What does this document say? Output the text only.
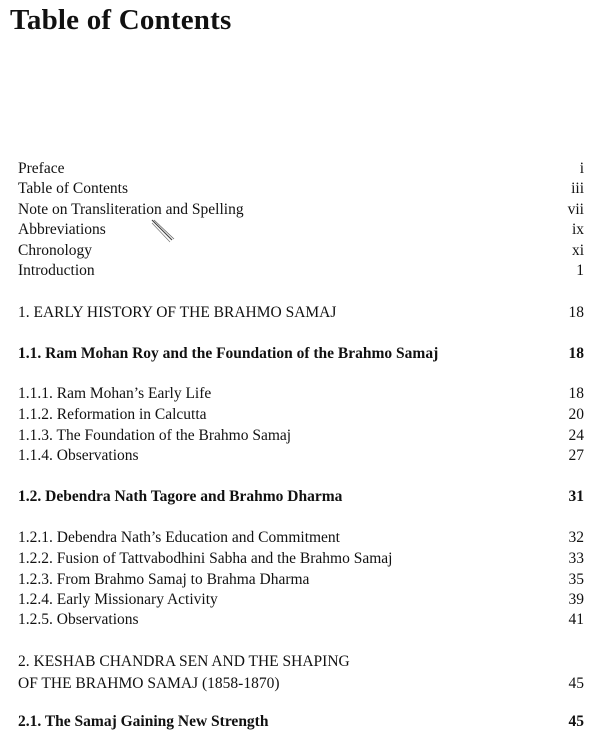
Table of Contents
Preface	i
Table of Contents	iii
Note on Transliteration and Spelling	vii
Abbreviations	ix
Chronology	xi
Introduction	1
1. EARLY HISTORY OF THE BRAHMO SAMAJ	18
1.1. Ram Mohan Roy and the Foundation of the Brahmo Samaj	18
1.1.1. Ram Mohan’s Early Life	18
1.1.2. Reformation in Calcutta	20
1.1.3. The Foundation of the Brahmo Samaj	24
1.1.4. Observations	27
1.2. Debendra Nath Tagore and Brahmo Dharma	31
1.2.1. Debendra Nath’s Education and Commitment	32
1.2.2. Fusion of Tattvabodhini Sabha and the Brahmo Samaj	33
1.2.3. From Brahmo Samaj to Brahma Dharma	35
1.2.4. Early Missionary Activity	39
1.2.5. Observations	41
2. KESHAB CHANDRA SEN AND THE SHAPING
OF THE BRAHMO SAMAJ (1858-1870)	45
2.1. The Samaj Gaining New Strength	45
